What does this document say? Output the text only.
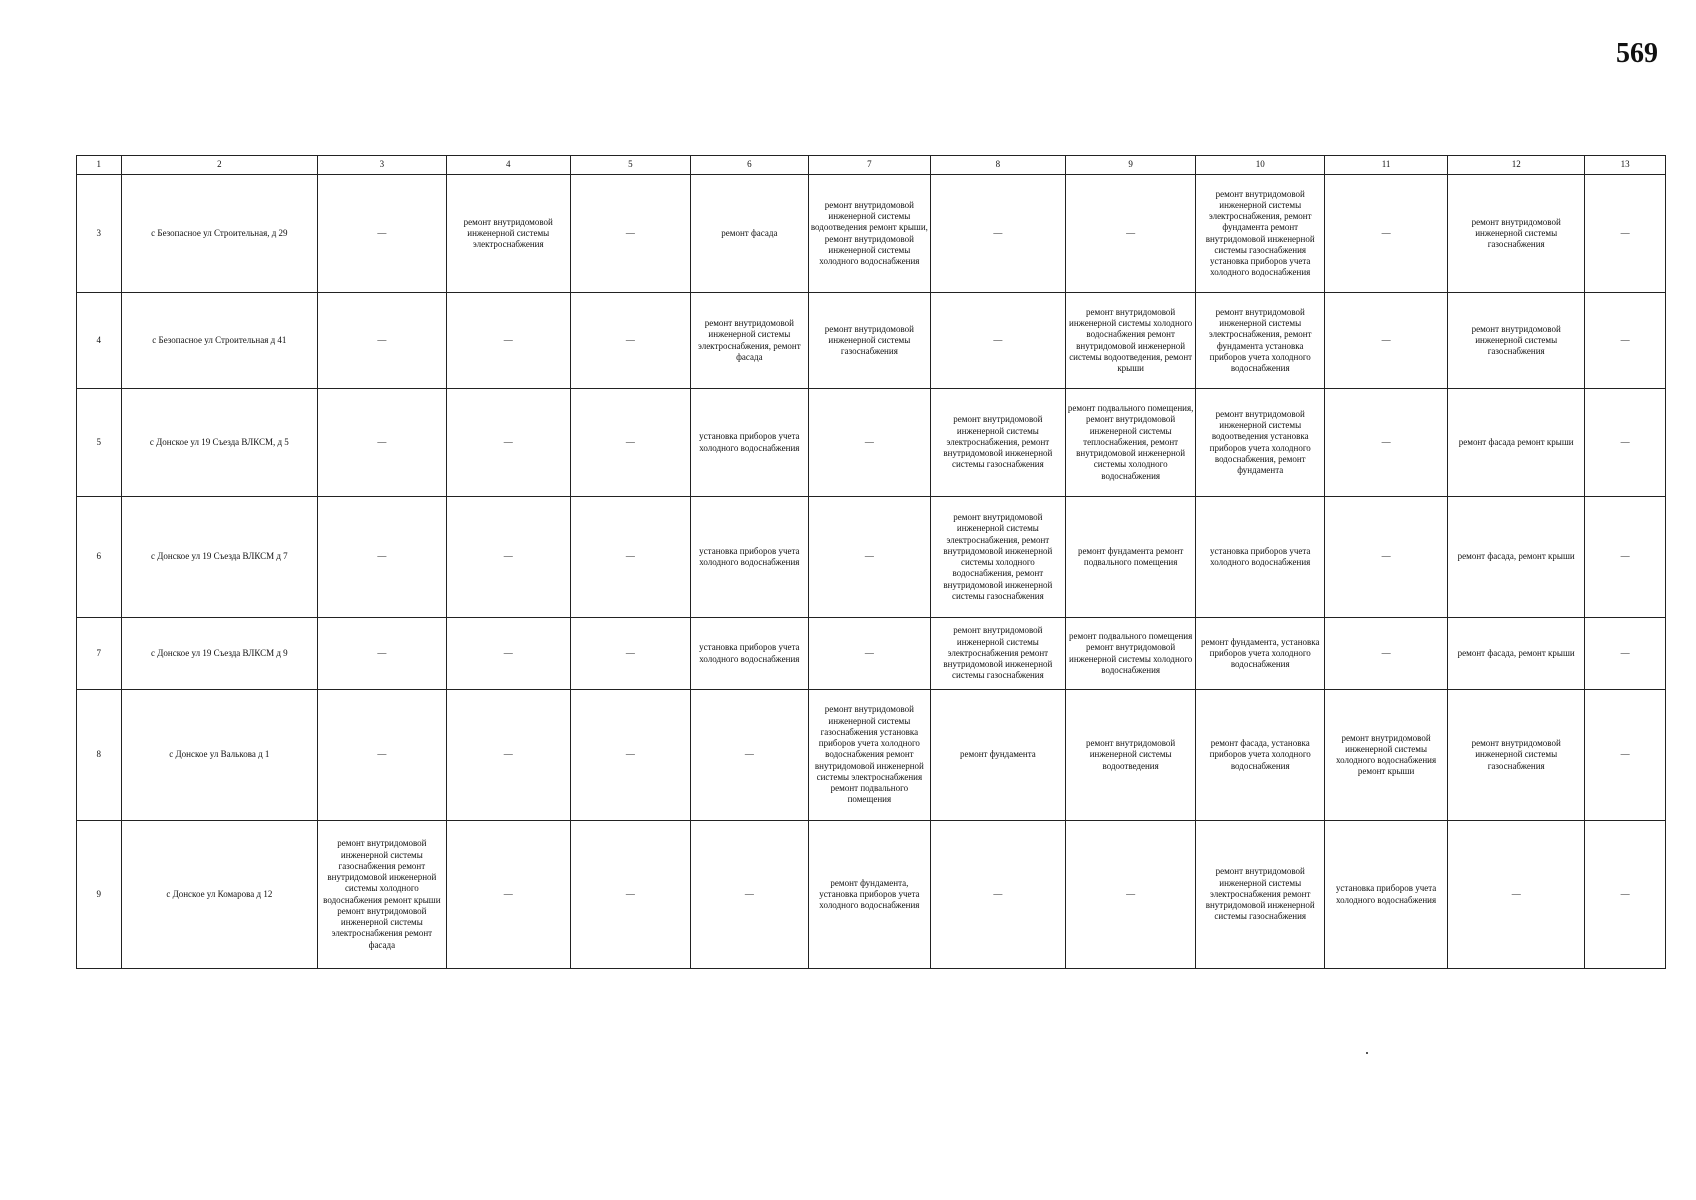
569
1	2	3	4	5	6	7	8	9	10	11	12	13
3	с Безопасное ул Строительная, д 29	—	ремонт внутридомовой инженерной системы электроснабжения	—	ремонт фасада	ремонт внутридомовой инженерной системы водоотведения ремонт крыши, ремонт внутридомовой инженерной системы холодного водоснабжения	—	—	ремонт внутридомовой инженерной системы электроснабжения, ремонт фундамента ремонт внутридомовой инженерной системы газоснабжения установка приборов учета холодного водоснабжения	—	ремонт внутридомовой инженерной системы газоснабжения	—
4	с Безопасное ул Строительная д 41	—	—	—	ремонт внутридомовой инженерной системы электроснабжения, ремонт фасада	ремонт внутридомовой инженерной системы газоснабжения	—	ремонт внутридомовой инженерной системы холодного водоснабжения ремонт внутридомовой инженерной системы водоотведения, ремонт крыши	ремонт внутридомовой инженерной системы электроснабжения, ремонт фундамента установка приборов учета холодного водоснабжения	—	ремонт внутридомовой инженерной системы газоснабжения	—
5	с Донское ул 19 Съезда ВЛКСМ, д 5	—	—	—	установка приборов учета холодного водоснабжения	—	ремонт внутридомовой инженерной системы электроснабжения, ремонт внутридомовой инженерной системы газоснабжения	ремонт подвального помещения, ремонт внутридомовой инженерной системы теплоснабжения, ремонт внутридомовой инженерной системы холодного водоснабжения	ремонт внутридомовой инженерной системы водоотведения установка приборов учета холодного водоснабжения, ремонт фундамента	—	ремонт фасада ремонт крыши	—
6	с Донское ул 19 Съезда ВЛКСМ д 7	—	—	—	установка приборов учета холодного водоснабжения	—	ремонт внутридомовой инженерной системы электроснабжения, ремонт внутридомовой инженерной системы холодного водоснабжения, ремонт внутридомовой инженерной системы газоснабжения	ремонт фундамента ремонт подвального помещения	установка приборов учета холодного водоснабжения	—	ремонт фасада, ремонт крыши	—
7	с Донское ул 19 Съезда ВЛКСМ д 9	—	—	—	установка приборов учета холодного водоснабжения	—	ремонт внутридомовой инженерной системы электроснабжения ремонт внутридомовой инженерной системы газоснабжения	ремонт подвального помещения ремонт внутридомовой инженерной системы холодного водоснабжения	ремонт фундамента, установка приборов учета холодного водоснабжения	—	ремонт фасада, ремонт крыши	—
8	с Донское ул Валькова д 1	—	—	—	—	ремонт внутридомовой инженерной системы газоснабжения установка приборов учета холодного водоснабжения ремонт внутридомовой инженерной системы электроснабжения ремонт подвального помещения	ремонт фундамента	ремонт внутридомовой инженерной системы водоотведения	ремонт фасада, установка приборов учета холодного водоснабжения	ремонт внутридомовой инженерной системы холодного водоснабжения ремонт крыши	ремонт внутридомовой инженерной системы газоснабжения	—
9	с Донское ул Комарова д 12	ремонт внутридомовой инженерной системы газоснабжения ремонт внутридомовой инженерной системы холодного водоснабжения ремонт крыши ремонт внутридомовой инженерной системы электроснабжения ремонт фасада	—	—	—	ремонт фундамента, установка приборов учета холодного водоснабжения	—	—	ремонт внутридомовой инженерной системы электроснабжения ремонт внутридомовой инженерной системы газоснабжения	установка приборов учета холодного водоснабжения	—	—
